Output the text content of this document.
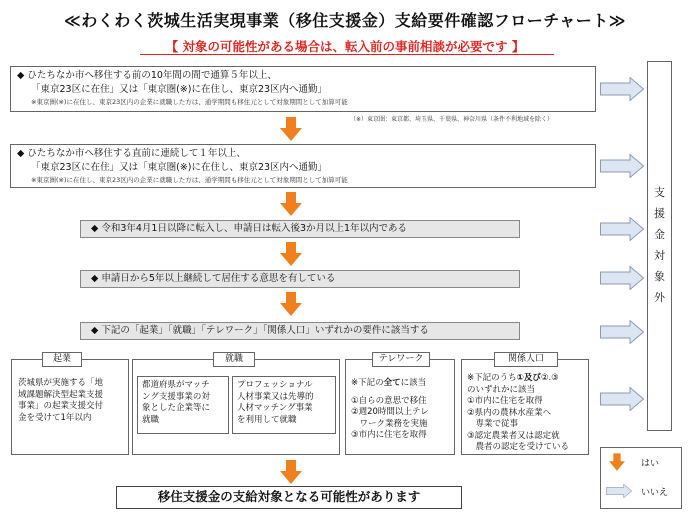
≪わくわく茨城生活実現事業（移住支援金）支給要件確認フローチャート≫
【 対象の可能性がある場合は、転入前の事前相談が必要です 】
◆ ひたちなか市へ移住する前の10年間の間で通算５年以上、
「東京23区に在住」又は「東京圏(※)に在住し、東京23区内へ通勤」
※東京圏(※)に在住し、東京23区内の企業に就職した方は、通学期間も移住元として対象期間として加算可能
（※）東京圏：東京都、埼玉県、千葉県、神奈川県（条件不利地域を除く）
◆ ひたちなか市へ移住する直前に連続して１年以上、
「東京23区に在住」又は「東京圏(※)に在住し、東京23区内へ通勤」
※東京圏(※)に在住し、東京23区内の企業に就職した方は、通学期間も移住元として対象期間として加算可能
◆ 令和3年4月1日以降に転入し、申請日は転入後3か月以上1年以内である
◆ 申請日から5年以上継続して居住する意思を有している
◆ 下記の「起業」「就職」「テレワーク」「関係人口」いずれかの要件に該当する
支
援
金
対
象
外
起業
茨城県が実施する「地
域課題解決型起業支援
事業」の起業支援交付
金を受けて1年以内
就職
都道府県がマッチ
ング支援事業の対
象とした企業等に
就職
プロフェッショナル
人材事業又は先導的
人材マッチング事業
を利用して就職
テレワーク
※下記の全てに該当
①自らの意思で移住
②週20時間以上テレ
　ワーク業務を実施
③市内に住宅を取得
関係人口
※下記のうち①及び②.③
のいずれかに該当
①市内に住宅を取得
②県内の農林水産業へ
　専業で従事
③認定農業者又は認定就
　農者の認定を受けている
移住支援金の支給対象となる可能性があります
はい
いいえ
